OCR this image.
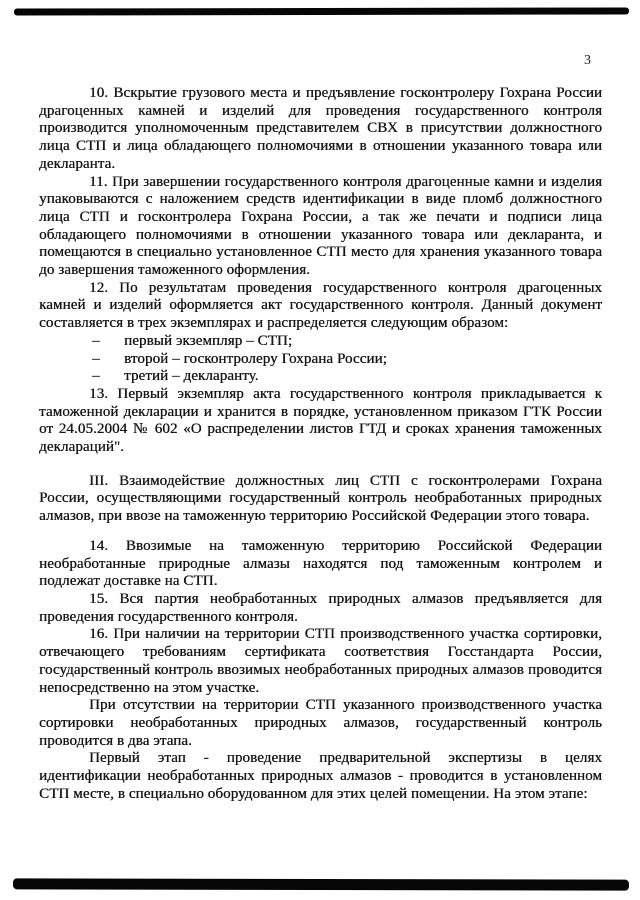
3

10. Вскрытие грузового места и предъявление госконтролеру Гохрана России драгоценных камней и изделий для проведения государственного контроля производится уполномоченным представителем СВХ в присутствии должностного лица СТП и лица обладающего полномочиями в отношении указанного товара или декларанта.

11. При завершении государственного контроля драгоценные камни и изделия упаковываются с наложением средств идентификации в виде пломб должностного лица СТП и госконтролера Гохрана России, а так же печати и подписи лица обладающего полномочиями в отношении указанного товара или декларанта, и помещаются в специально установленное СТП место для хранения указанного товара до завершения таможенного оформления.

12. По результатам проведения государственного контроля драгоценных камней и изделий оформляется акт государственного контроля. Данный документ составляется в трех экземплярах и распределяется следующим образом:

–	первый экземпляр – СТП;
–	второй – госконтролеру Гохрана России;
–	третий – декларанту.

13. Первый экземпляр акта государственного контроля прикладывается к таможенной декларации и хранится в порядке, установленном приказом ГТК России от 24.05.2004 № 602 «О распределении листов ГТД и сроках хранения таможенных деклараций".

III. Взаимодействие должностных лиц СТП с госконтролерами Гохрана России, осуществляющими государственный контроль необработанных природных алмазов, при ввозе на таможенную территорию Российской Федерации этого товара.

14. Ввозимые на таможенную территорию Российской Федерации необработанные природные алмазы находятся под таможенным контролем и подлежат доставке на СТП.

15. Вся партия необработанных природных алмазов предъявляется для проведения государственного контроля.

16. При наличии на территории СТП производственного участка сортировки, отвечающего требованиям сертификата соответствия Госстандарта России, государственный контроль ввозимых необработанных природных алмазов проводится непосредственно на этом участке.

При отсутствии на территории СТП указанного производственного участка сортировки необработанных природных алмазов, государственный контроль проводится в два этапа.

Первый этап - проведение предварительной экспертизы в целях идентификации необработанных природных алмазов - проводится в установленном СТП месте, в специально оборудованном для этих целей помещении. На этом этапе:
